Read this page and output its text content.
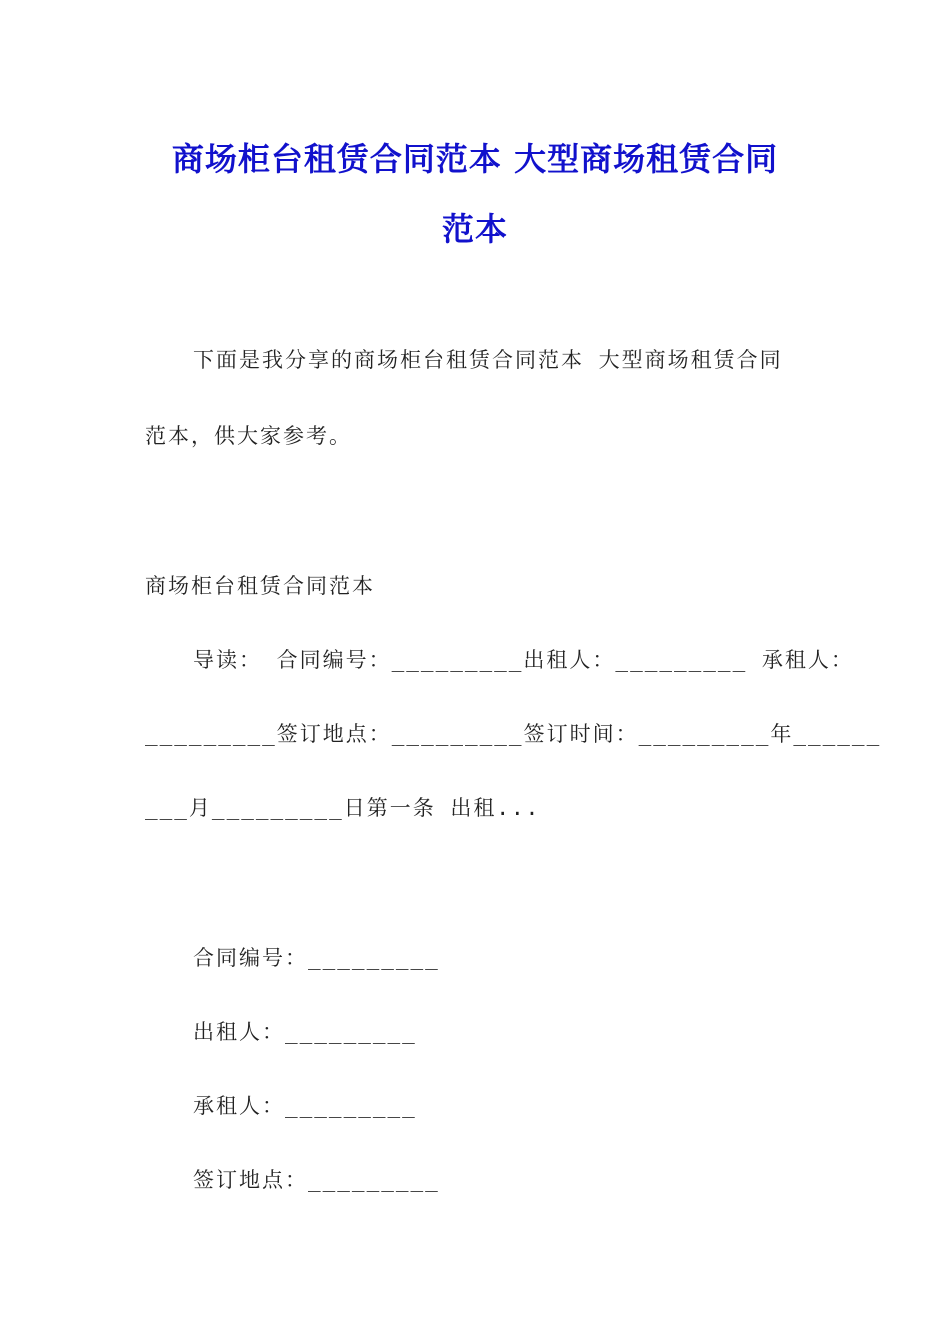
商场柜台租赁合同范本 大型商场租赁合同
范本
下面是我分享的商场柜台租赁合同范本 大型商场租赁合同
范本，供大家参考。
商场柜台租赁合同范本
导读： 合同编号：_________出租人：_________ 承租人：
_________签订地点：_________签订时间：_________年______
___月_________日第一条 出租...
合同编号：_________
出租人：_________
承租人：_________
签订地点：_________
